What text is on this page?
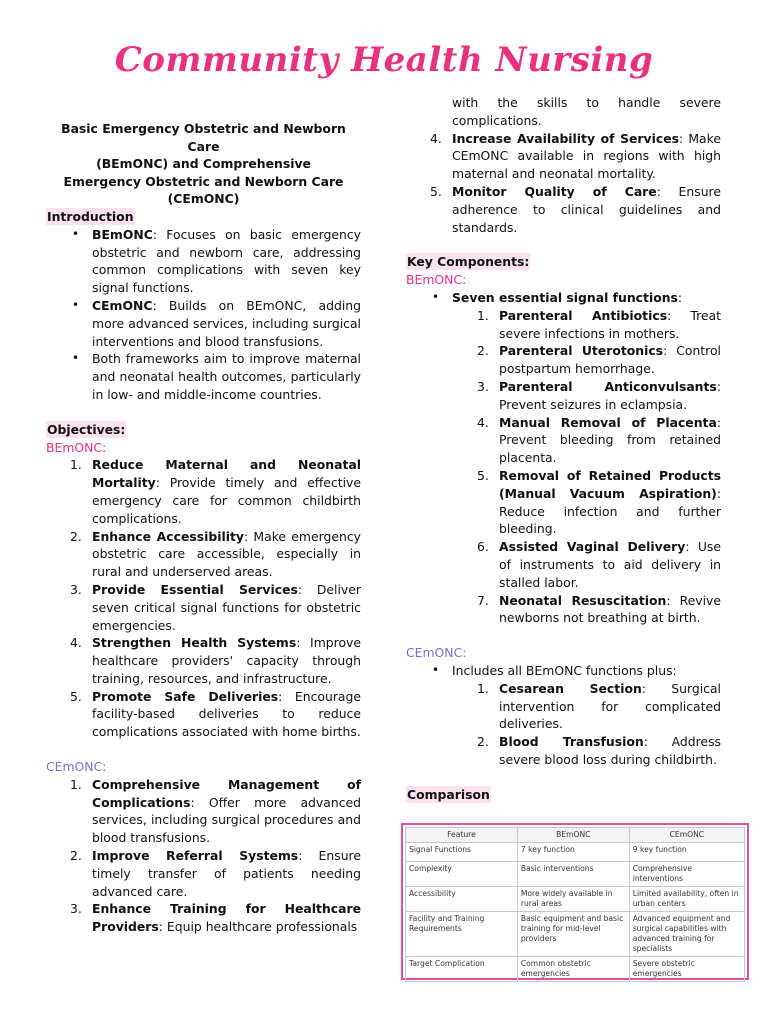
Community Health Nursing
Basic Emergency Obstetric and Newborn Care
(BEmONC) and Comprehensive
Emergency Obstetric and Newborn Care
(CEmONC)
Introduction
• BEmONC: Focuses on basic emergency obstetric and newborn care, addressing common complications with seven key signal functions.
• CEmONC: Builds on BEmONC, adding more advanced services, including surgical interventions and blood transfusions.
• Both frameworks aim to improve maternal and neonatal health outcomes, particularly in low- and middle-income countries.
Objectives:
BEmONC:
1. Reduce Maternal and Neonatal Mortality: Provide timely and effective emergency care for common childbirth complications.
2. Enhance Accessibility: Make emergency obstetric care accessible, especially in rural and underserved areas.
3. Provide Essential Services: Deliver seven critical signal functions for obstetric emergencies.
4. Strengthen Health Systems: Improve healthcare providers' capacity through training, resources, and infrastructure.
5. Promote Safe Deliveries: Encourage facility-based deliveries to reduce complications associated with home births.
CEmONC:
1. Comprehensive Management of Complications: Offer more advanced services, including surgical procedures and blood transfusions.
2. Improve Referral Systems: Ensure timely transfer of patients needing advanced care.
3. Enhance Training for Healthcare Providers: Equip healthcare professionals
with the skills to handle severe complications.
4. Increase Availability of Services: Make CEmONC available in regions with high maternal and neonatal mortality.
5. Monitor Quality of Care: Ensure adherence to clinical guidelines and standards.
Key Components:
BEmONC:
• Seven essential signal functions:
1. Parenteral Antibiotics: Treat severe infections in mothers.
2. Parenteral Uterotonics: Control postpartum hemorrhage.
3. Parenteral Anticonvulsants: Prevent seizures in eclampsia.
4. Manual Removal of Placenta: Prevent bleeding from retained placenta.
5. Removal of Retained Products (Manual Vacuum Aspiration): Reduce infection and further bleeding.
6. Assisted Vaginal Delivery: Use of instruments to aid delivery in stalled labor.
7. Neonatal Resuscitation: Revive newborns not breathing at birth.
CEmONC:
• Includes all BEmONC functions plus:
1. Cesarean Section: Surgical intervention for complicated deliveries.
2. Blood Transfusion: Address severe blood loss during childbirth.
Comparison
Feature	BEmONC	CEmONC
Signal Functions	7 key function	9 key function
Complexity	Basic interventions	Comprehensive interventions
Accessibility	More widely available in rural areas	Limited availability, often in urban centers
Facility and Training Requirements	Basic equipment and basic training for mid-level providers	Advanced equipment and surgical capabilities with advanced training for specialists
Target Complication	Common obstetric emergencies	Severe obstetric emergencies
